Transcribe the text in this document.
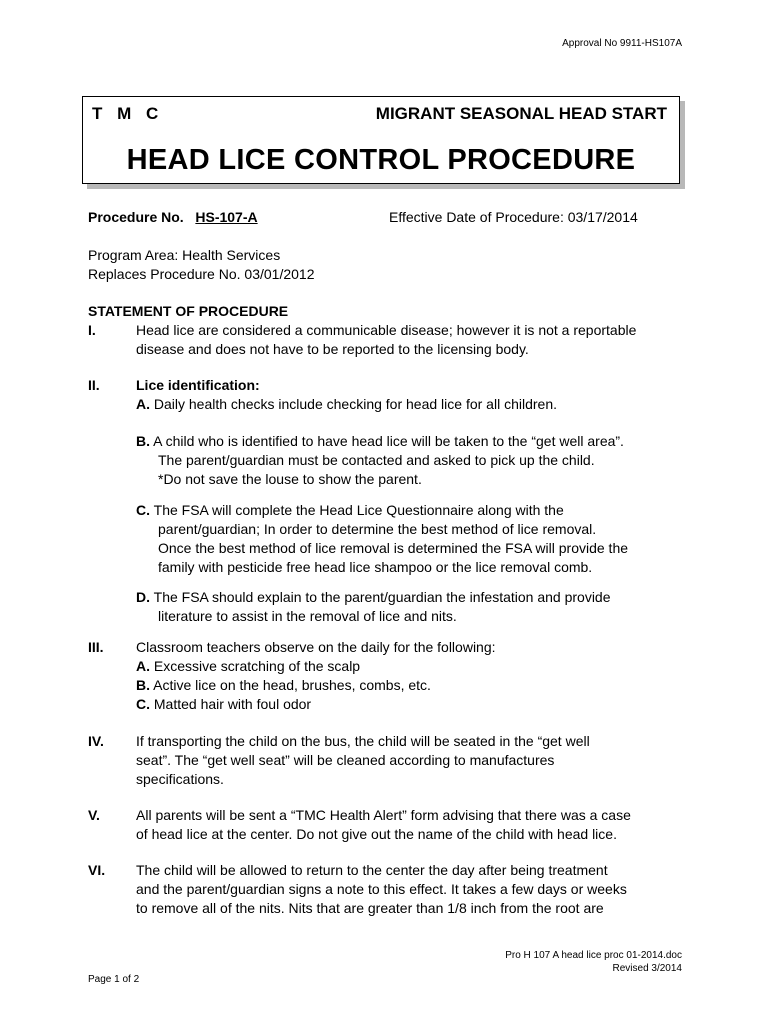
Approval No 9911-HS107A
T M C	MIGRANT SEASONAL HEAD START
HEAD LICE CONTROL PROCEDURE
Procedure No. HS-107-A	Effective Date of Procedure: 03/17/2014
Program Area: Health Services
Replaces Procedure No. 03/01/2012
STATEMENT OF PROCEDURE
I.	Head lice are considered a communicable disease; however it is not a reportable
disease and does not have to be reported to the licensing body.
II.	Lice identification:
A. Daily health checks include checking for head lice for all children.
B. A child who is identified to have head lice will be taken to the “get well area”.
The parent/guardian must be contacted and asked to pick up the child.
*Do not save the louse to show the parent.
C. The FSA will complete the Head Lice Questionnaire along with the
parent/guardian; In order to determine the best method of lice removal.
Once the best method of lice removal is determined the FSA will provide the
family with pesticide free head lice shampoo or the lice removal comb.
D. The FSA should explain to the parent/guardian the infestation and provide
literature to assist in the removal of lice and nits.
III. Classroom teachers observe on the daily for the following:
A. Excessive scratching of the scalp
B. Active lice on the head, brushes, combs, etc.
C. Matted hair with foul odor
IV. If transporting the child on the bus, the child will be seated in the “get well
seat”. The “get well seat” will be cleaned according to manufactures
specifications.
V.	All parents will be sent a “TMC Health Alert” form advising that there was a case
of head lice at the center. Do not give out the name of the child with head lice.
VI. The child will be allowed to return to the center the day after being treatment
and the parent/guardian signs a note to this effect. It takes a few days or weeks
to remove all of the nits. Nits that are greater than 1/8 inch from the root are
Pro H 107 A head lice proc 01-2014.doc
Revised 3/2014
Page 1 of 2
